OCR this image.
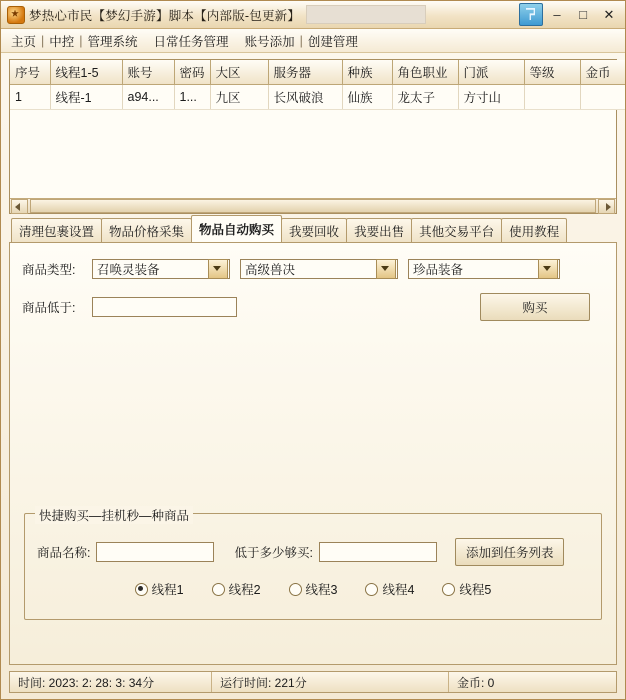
梦热心市民【梦幻手游】脚本【内部版-包更新】	–	□	✕
主页 | 中控 | 管理系统	日常任务管理	账号添加 | 创建管理
序号	线程1-5	账号	密码	大区	服务器	种族	角色职业	门派	等级	金币
1	线程-1	a94...	1...	九区	长风破浪	仙族	龙太子	方寸山		
清理包裹设置	物品价格采集	物品自动购买	我要回收	我要出售	其他交易平台	使用教程
商品类型:	召唤灵装备	高级兽决	珍品装备
商品低于:	购买
快捷购买—挂机秒—种商品
商品名称:	低于多少够买:	添加到任务列表
线程1	线程2	线程3	线程4	线程5
时间: 2023: 2: 28: 3: 34分	运行时间: 221分	金币: 0
